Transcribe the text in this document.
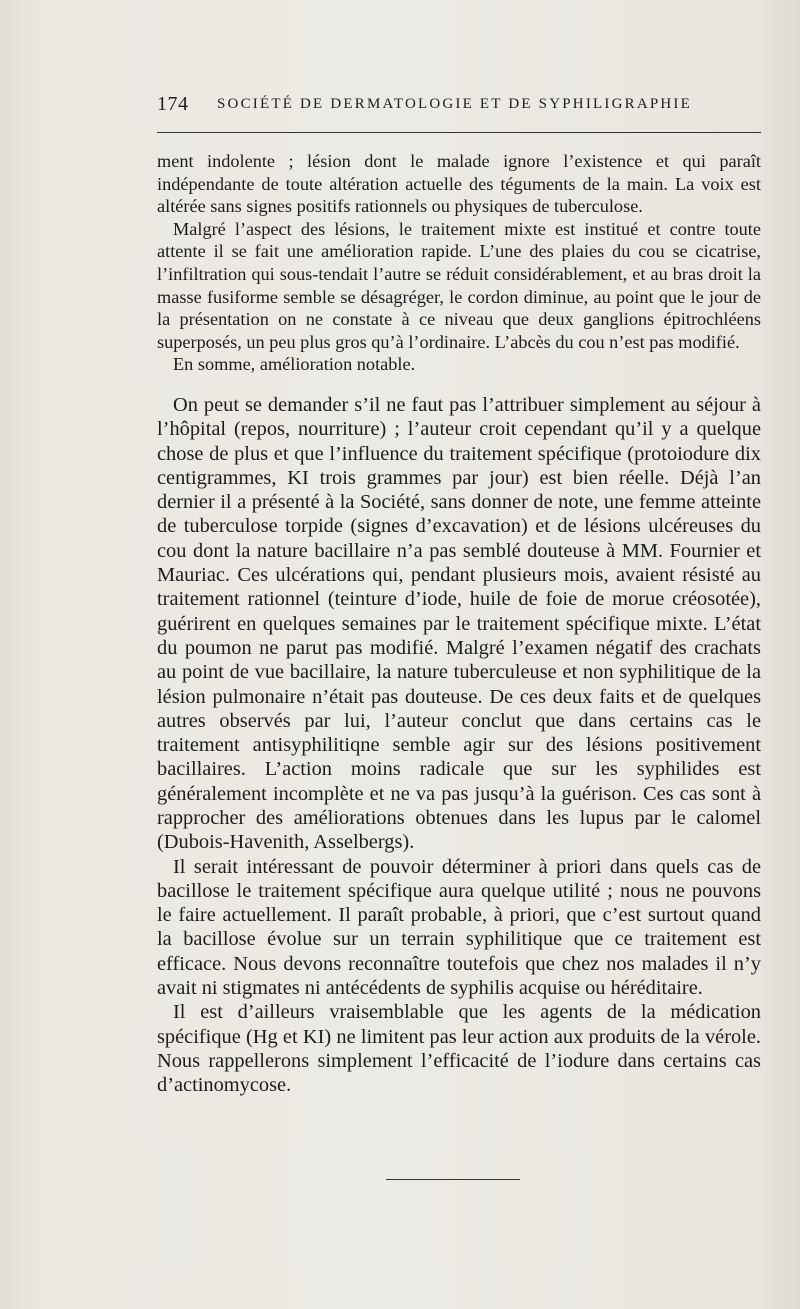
174 SOCIÉTÉ DE DERMATOLOGIE ET DE SYPHILIGRAPHIE

ment indolente ; lésion dont le malade ignore l’existence et qui paraît indépendante de toute altération actuelle des téguments de la main. La voix est altérée sans signes positifs rationnels ou physiques de tuberculose.

Malgré l’aspect des lésions, le traitement mixte est institué et contre toute attente il se fait une amélioration rapide. L’une des plaies du cou se cicatrise, l’infiltration qui sous-tendait l’autre se réduit considérablement, et au bras droit la masse fusiforme semble se désagréger, le cordon diminue, au point que le jour de la présentation on ne constate à ce niveau que deux ganglions épitrochléens superposés, un peu plus gros qu’à l’ordinaire. L’abcès du cou n’est pas modifié.

En somme, amélioration notable.

On peut se demander s’il ne faut pas l’attribuer simplement au séjour à l’hôpital (repos, nourriture) ; l’auteur croit cependant qu’il y a quelque chose de plus et que l’influence du traitement spécifique (protoiodure dix centigrammes, KI trois grammes par jour) est bien réelle. Déjà l’an dernier il a présenté à la Société, sans donner de note, une femme atteinte de tuberculose torpide (signes d’excavation) et de lésions ulcéreuses du cou dont la nature bacillaire n’a pas semblé douteuse à MM. Fournier et Mauriac. Ces ulcérations qui, pendant plusieurs mois, avaient résisté au traitement rationnel (teinture d’iode, huile de foie de morue créosotée), guérirent en quelques semaines par le traitement spécifique mixte. L’état du poumon ne parut pas modifié. Malgré l’examen négatif des crachats au point de vue bacillaire, la nature tuberculeuse et non syphilitique de la lésion pulmonaire n’était pas douteuse. De ces deux faits et de quelques autres observés par lui, l’auteur conclut que dans certains cas le traitement antisyphilitiqne semble agir sur des lésions positivement bacillaires. L’action moins radicale que sur les syphilides est généralement incomplète et ne va pas jusqu’à la guérison. Ces cas sont à rapprocher des améliorations obtenues dans les lupus par le calomel (Dubois-Havenith, Asselbergs).

Il serait intéressant de pouvoir déterminer à priori dans quels cas de bacillose le traitement spécifique aura quelque utilité ; nous ne pouvons le faire actuellement. Il paraît probable, à priori, que c’est surtout quand la bacillose évolue sur un terrain syphilitique que ce traitement est efficace. Nous devons reconnaître toutefois que chez nos malades il n’y avait ni stigmates ni antécédents de syphilis acquise ou héréditaire.

Il est d’ailleurs vraisemblable que les agents de la médication spécifique (Hg et KI) ne limitent pas leur action aux produits de la vérole. Nous rappellerons simplement l’efficacité de l’iodure dans certains cas d’actinomycose.
